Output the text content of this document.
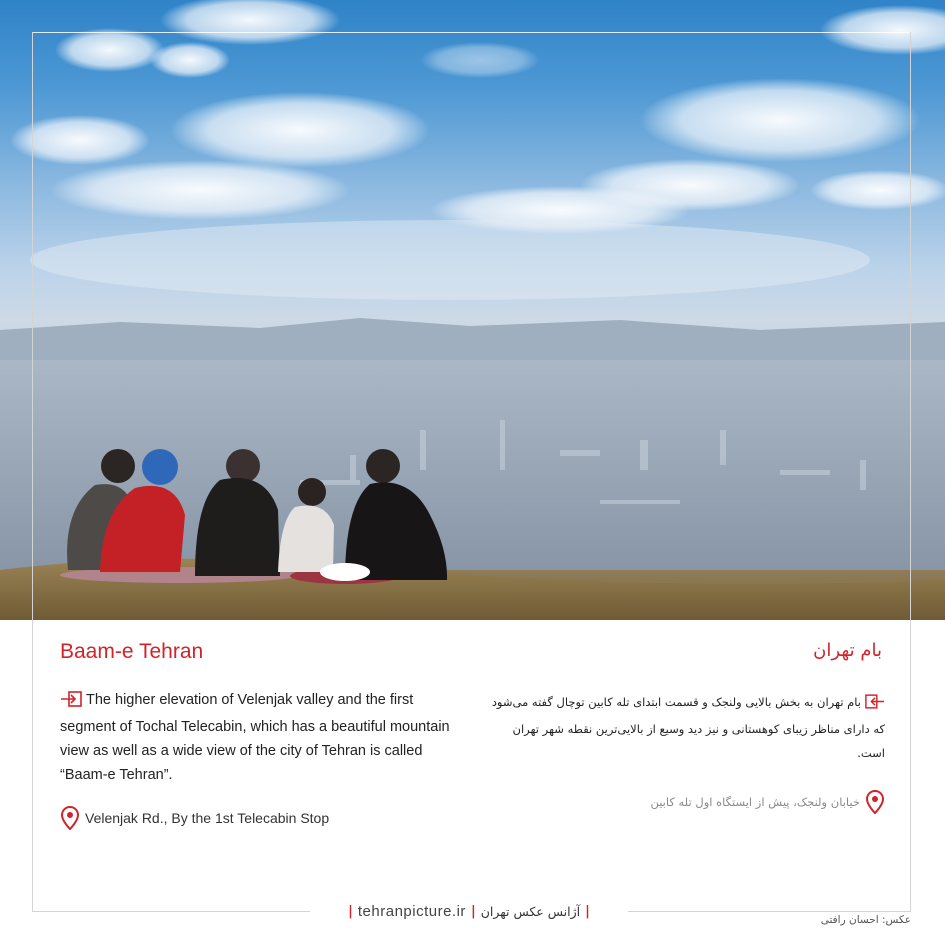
Baam-e Tehran
The higher elevation of Velenjak valley and the first segment of Tochal Telecabin, which has a beautiful mountain view as well as a wide view of the city of Tehran is called “Baam-e Tehran”.
Velenjak Rd., By the 1st Telecabin Stop
بام تهران
بام تهران به بخش بالایی ولنجک و قسمت ابتدای تله کابین توچال گفته می‌شود که دارای مناظر زیبای کوهستانی و نیز دید وسیع از بالایی‌ترین نقطه شهر تهران است.
خیابان ولنجک، پیش از ایستگاه اول تله کابین
| tehranpicture.ir | آژانس عکس تهران |
عکس: احسان رافتی
